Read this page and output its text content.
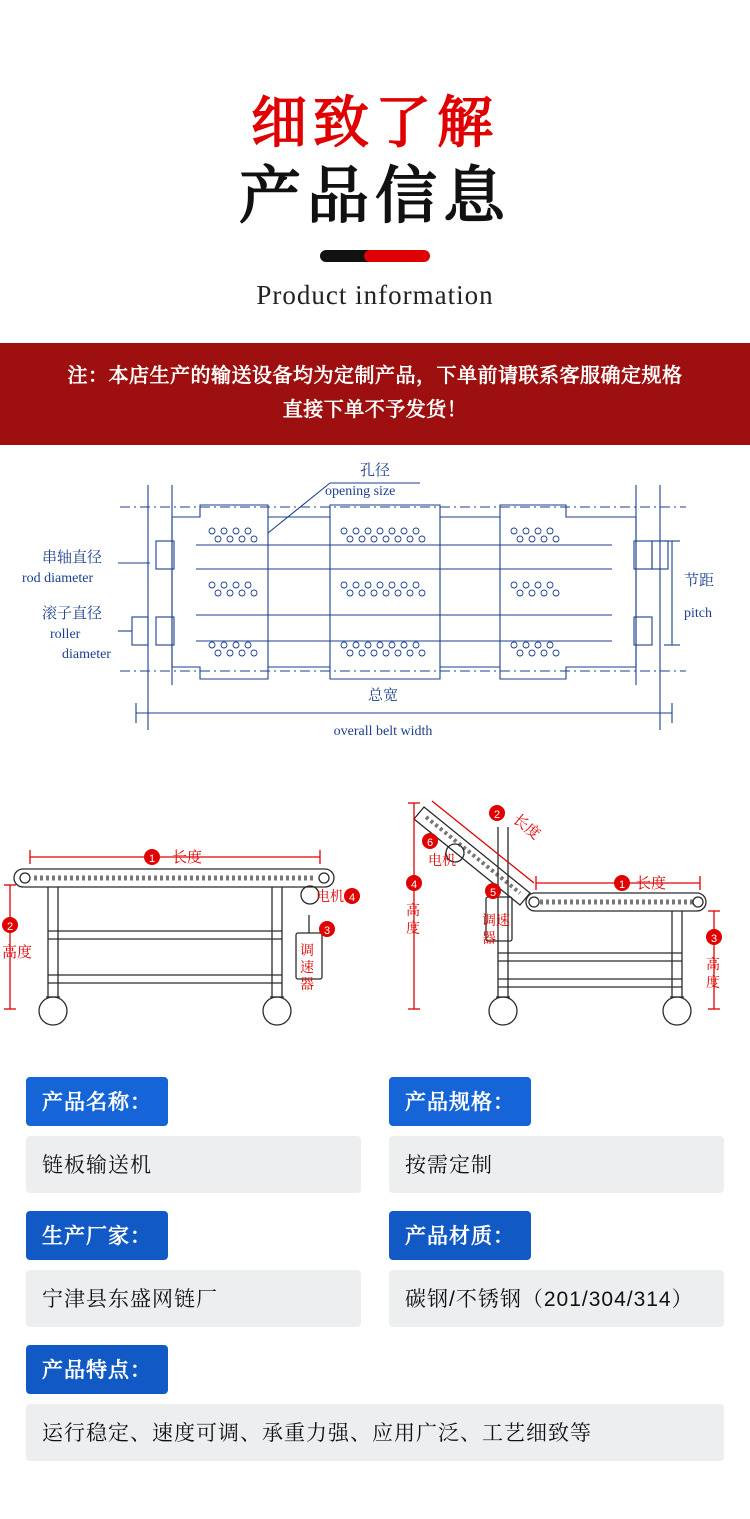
细致了解
产品信息
Product information
注：本店生产的输送设备均为定制产品，下单前请联系客服确定规格
直接下单不予发货！
孔径
opening size
串轴直径
rod diameter
滚子直径
roller
diameter
节距
pitch
总宽
overall belt width
1 长度
2
高度
电机 4
3
调速器
2 长度
6
电机
4
高度
5
调速器
1 长度
3
高度
产品名称：
链板输送机
产品规格：
按需定制
生产厂家：
宁津县东盛网链厂
产品材质：
碳钢/不锈钢（201/304/314）
产品特点：
运行稳定、速度可调、承重力强、应用广泛、工艺细致等
